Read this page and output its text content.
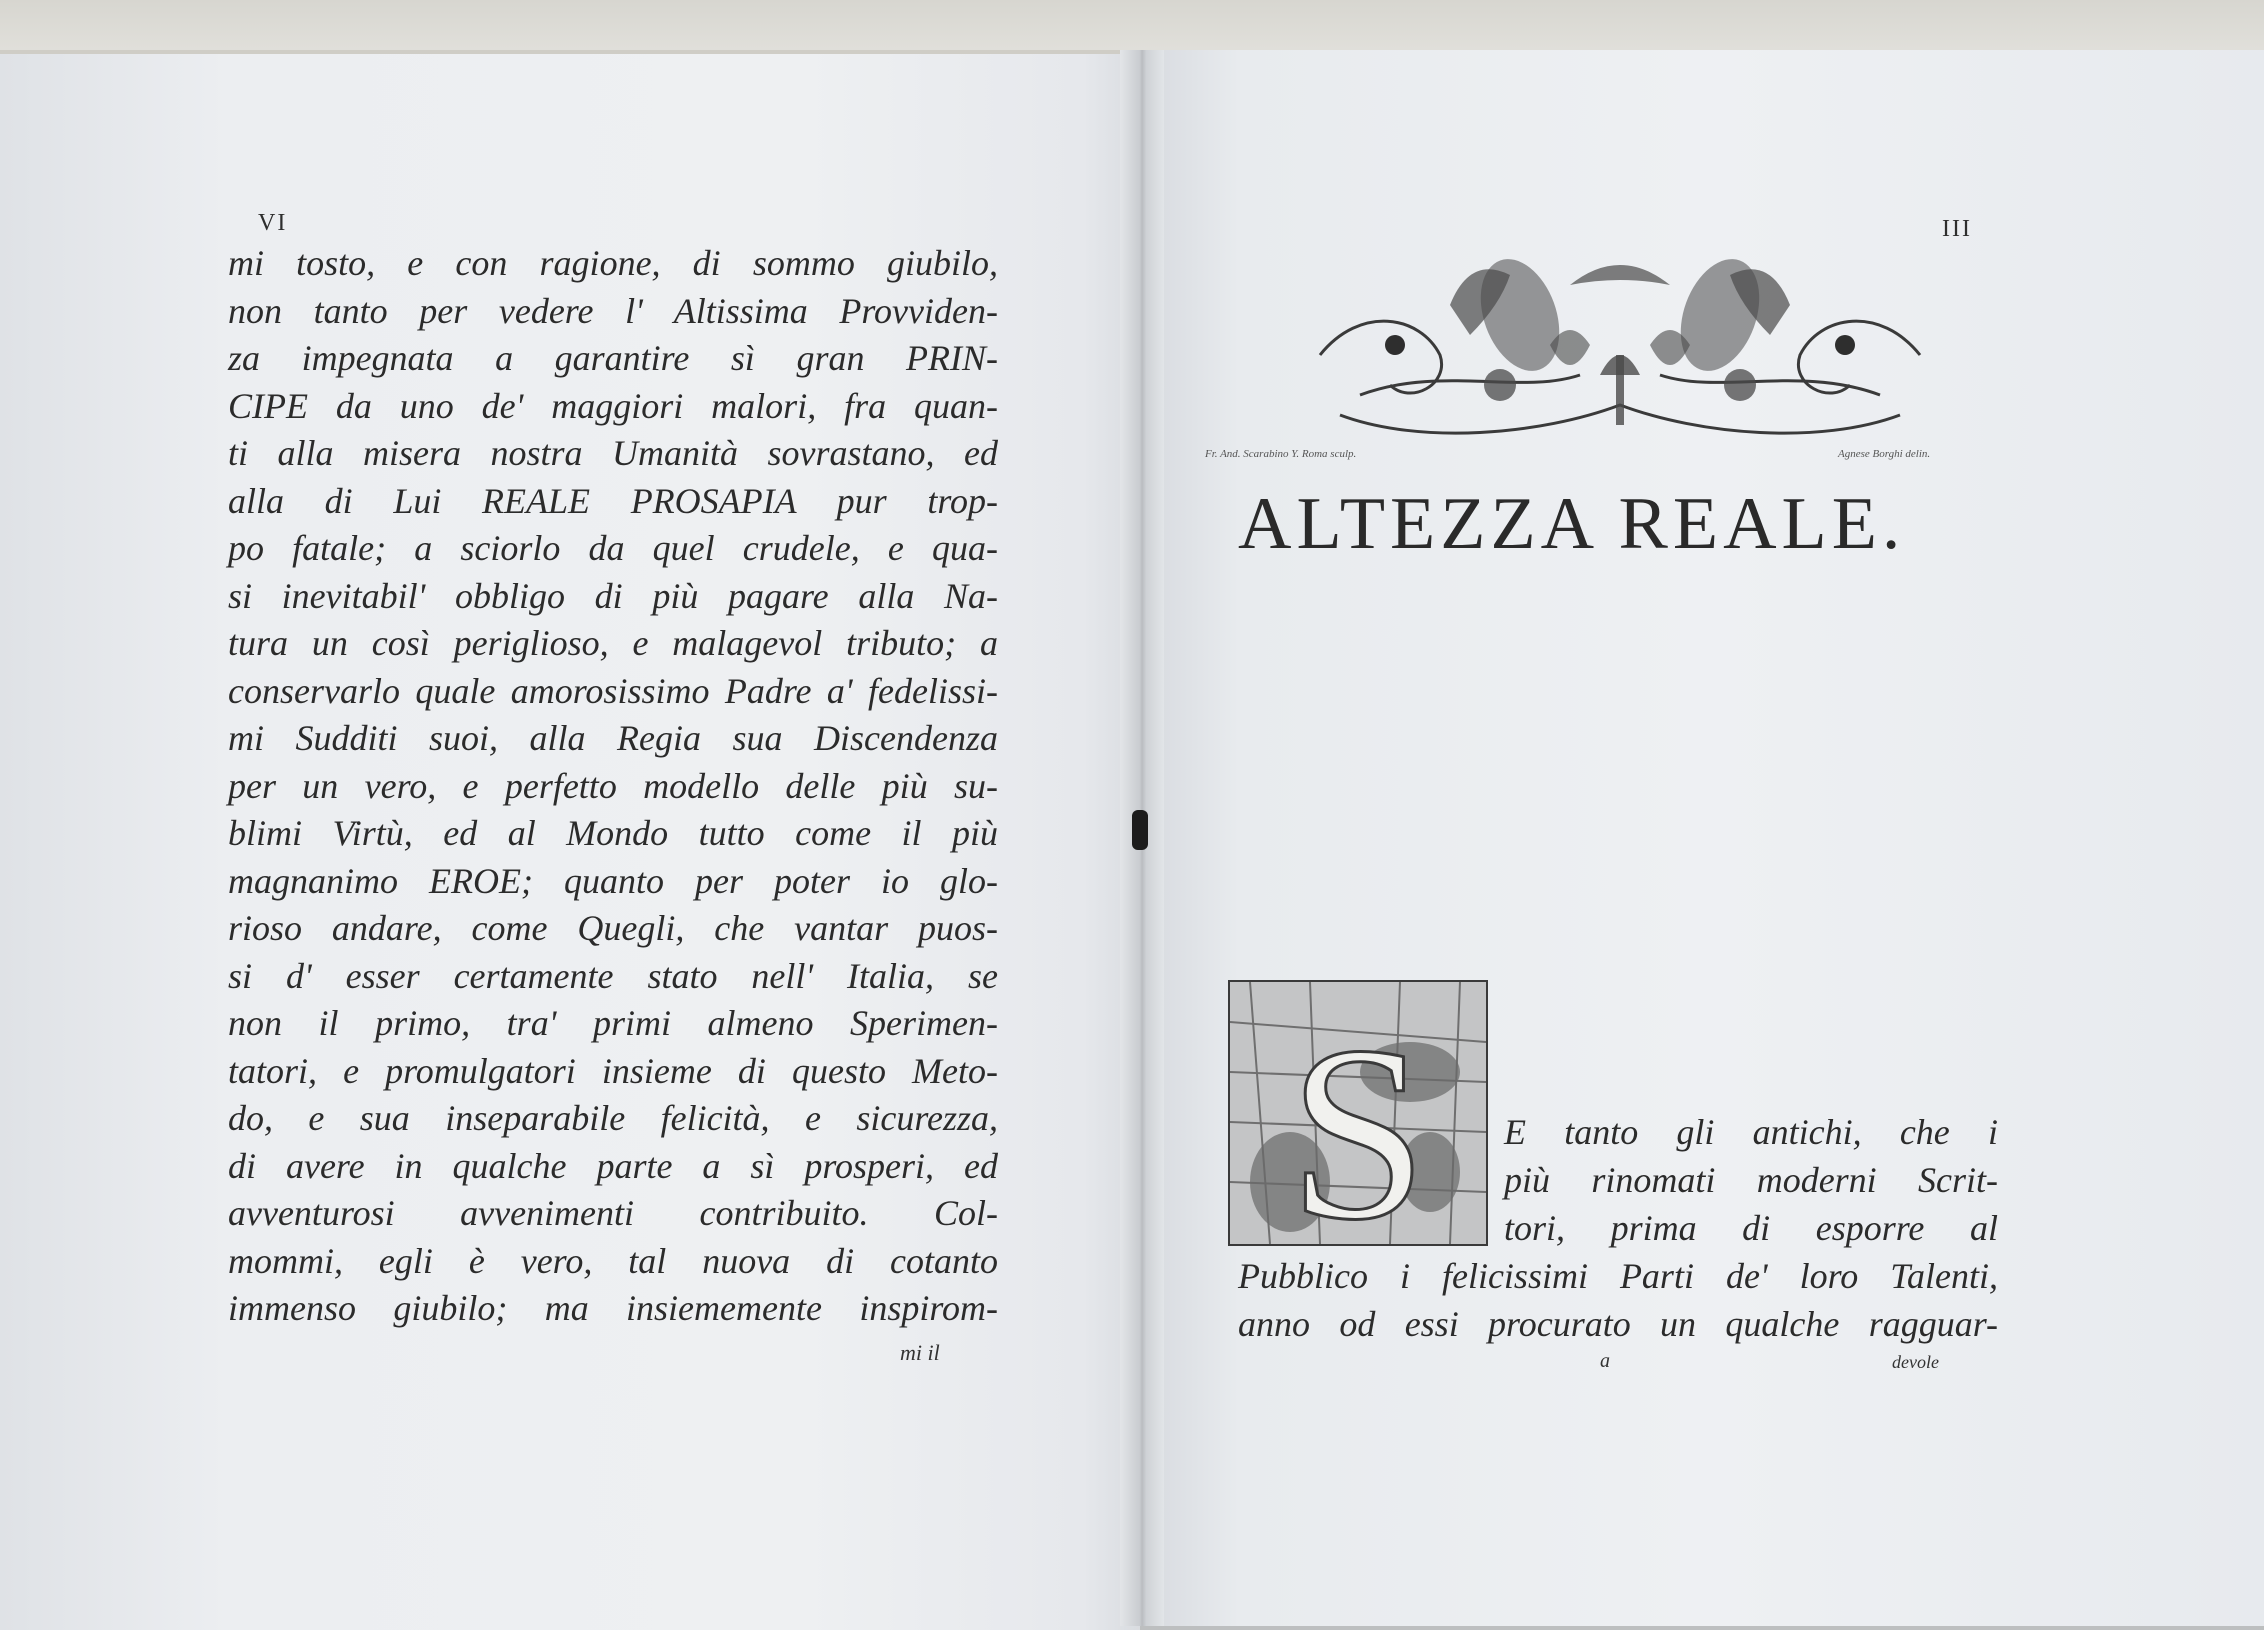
VI
mi tosto, e con ragione, di sommo giubilo,
non tanto per vedere l' Altissima Provviden-
za impegnata a garantire sì gran PRIN-
CIPE da uno de' maggiori malori, fra quan-
ti alla misera nostra Umanità sovrastano, ed
alla di Lui REALE PROSAPIA pur trop-
po fatale; a sciorlo da quel crudele, e qua-
si inevitabil' obbligo di più pagare alla Na-
tura un così periglioso, e malagevol tributo; a
conservarlo quale amorosissimo Padre a' fedelissi-
mi Sudditi suoi, alla Regia sua Discendenza
per un vero, e perfetto modello delle più su-
blimi Virtù, ed al Mondo tutto come il più
magnanimo EROE; quanto per poter io glo-
rioso andare, come Quegli, che vantar puos-
si d' esser certamente stato nell' Italia, se
non il primo, tra' primi almeno Sperimen-
tatori, e promulgatori insieme di questo Meto-
do, e sua inseparabile felicità, e sicurezza,
di avere in qualche parte a sì prosperi, ed
avventurosi avvenimenti contribuito. Col-
mommi, egli è vero, tal nuova di cotanto
immenso giubilo; ma insiememente inspirom-
mi il
III
Fr. And. Scarabino Y. Roma sculp.	Agnese Borghi delin.
ALTEZZA REALE.
S E tanto gli antichi, che i
più rinomati moderni Scrit-
tori, prima di esporre al
Pubblico i felicissimi Parti de' loro Talenti,
anno od essi procurato un qualche ragguar-
a	devole
